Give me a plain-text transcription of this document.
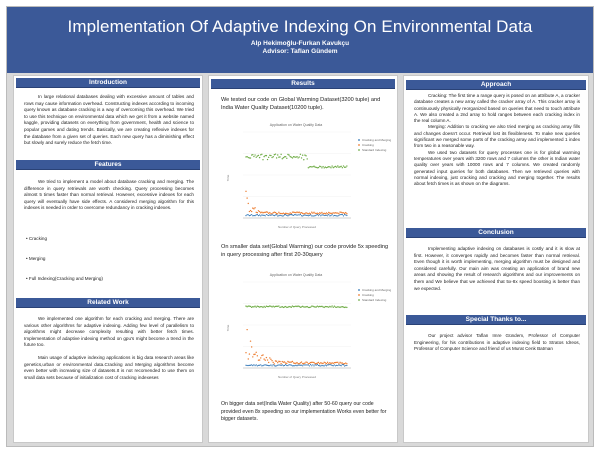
Implementation Of Adaptive Indexing On Environmental Data
Alp Hekimoğlu-Furkan Kavukçu
Advisor: Taflan Gündem
Introduction

In large relational databases dealing with excessive amount of tables and rows may cause information overhead. Constructing indexes according to incoming query known as database cracking is a way of overcoming this overhead. We tried to use this technique on environmental data which we get it from a website named kaggle, providing datasets on everything from government, health and science to popular games and dating trends. Basically, we are creating reflexive indexes for the database from a given set of queries. Each new query has a diminishing effect but slowly and surely reduce the fetch time.

Features

We tried to implement a model about database cracking and merging. The difference in query retrievals are worth checking. Query processing becomes almost 5 times faster than normal retrieval. However, excessive indexes for each query will eventually have side effects. A considered merging algorithm for this indexes is needed in order to overcome redundancy in cracking indexes.

• Cracking
• Merging
• Full Indexing(Cracking and Merging)
Related Work

We implemented one algorithm for each cracking and merging. There are various other algorithms for adaptive indexing. Adding few level of parallelism to algorithms might decrease complexity resulting with better fetch times. Implementation of adaptive indexing method on gpu's might become a trend in the future too.

Main usage of adaptive indexing applications is big data research areas like genetics,urban or environmental data.Cracking and Merging algorithms become even better with increasing size of datasets.It is not recomended to use them on small data sets because of initialization cost of cracking indexeses

Results
We tested our code on Global Warming Dataset(3200 tuple) and India Water Quality Dataset(10200 tuple).
Application on Water Quality Data
Number of Query Processed
Time
Cracking and Merging
Cracking
Standard Indexing
On smaller data set(Global Warming) our code provide 5x speeding in query processing after first 20-30query
Application on Water Quality Data
Number of Query Processed
Time
Cracking and Merging
Cracking
Standard Indexing
On bigger data set(India Water Quality) after 50-60 query our code provided even 8x speeding so our implementation Works even better for bigger datasets.
Approach

Cracking: The first time a range query is posed on an attribute A, a cracker database creates a new array called the cracker array of A. This cracker array is continuously physically reorganized based on queries that need to touch attribute A. We also created a 2nd array to hold ranges between each cracking index in the real column A.

Merging: Addition to cracking we also tried merging as cracking array fills and changes doesn't occur. Retrieval lost its flexibleness. To make new queries significant we merged some parts of the cracking array and implemented 1 index from two in a reasonable way.

We used two datasets for query processes one is for global warming temperatures over years with 3200 rows and 7 columns the other is Indian water quality over years with 10000 rows and 7 columns. We created randomly generated input queries for both databases. Then we retrieved queries with normal indexing, just cracking and cracking and merging together. The results about fetch times is as shown on the diagrams.

Conclusion

Implementing adaptive indexing on databases is costly and it is slow at first. However, it converges rapidly and becomes faster than normal retrieval. Even though it is worth implementing, merging algorithm must be designed and considered carefully. Our main aim was creating an application of brand new areas and showing the result of research algorithms and our improvements on them and We believe that we achieved that 5x-8x speed boosting is better than we expected.

Special Thanks to...

Our project advisor Taflan Imre Gündem, Professor of Computer Engineering, for his contributions in adaptive indexing field to Stratos Idreos, Professor of Computer Science and friend of us Murat Cenk Batman
